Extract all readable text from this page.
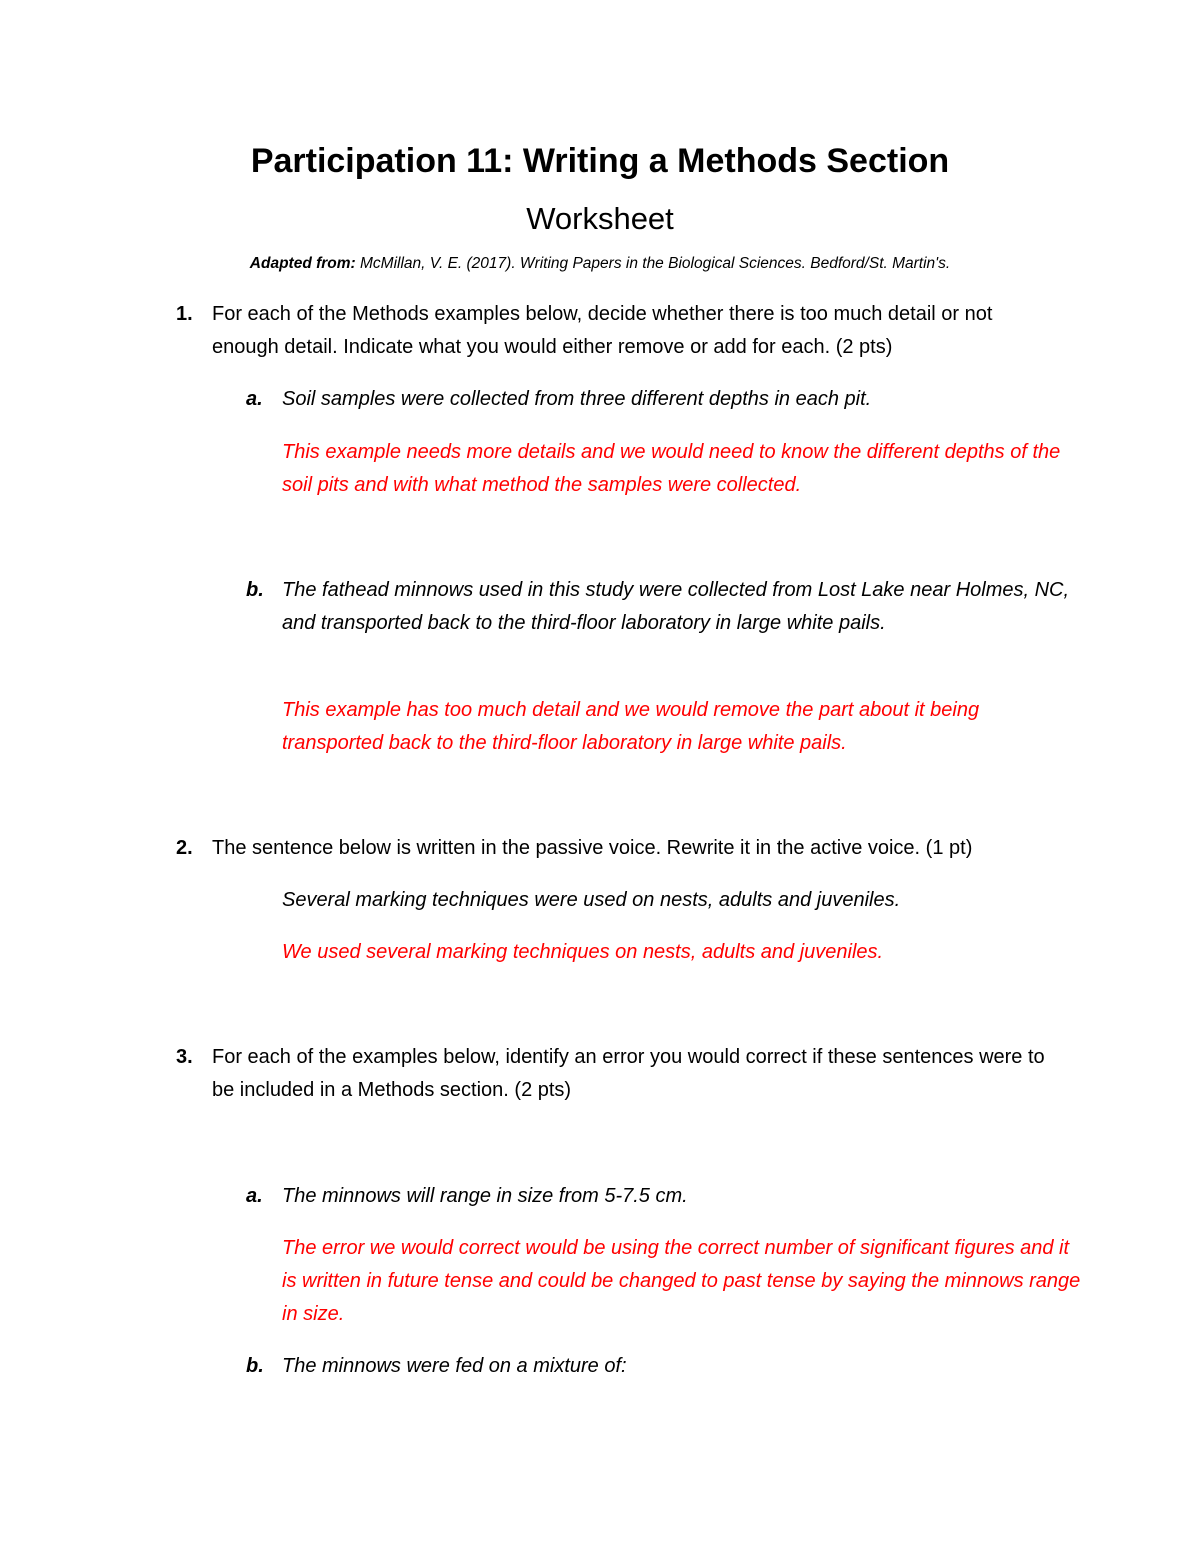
Participation 11: Writing a Methods Section
Worksheet
Adapted from: McMillan, V. E. (2017). Writing Papers in the Biological Sciences. Bedford/St. Martin's.
1. For each of the Methods examples below, decide whether there is too much detail or not enough detail. Indicate what you would either remove or add for each. (2 pts)
a. Soil samples were collected from three different depths in each pit.
This example needs more details and we would need to know the different depths of the soil pits and with what method the samples were collected.
b. The fathead minnows used in this study were collected from Lost Lake near Holmes, NC, and transported back to the third-floor laboratory in large white pails.
This example has too much detail and we would remove the part about it being transported back to the third-floor laboratory in large white pails.
2. The sentence below is written in the passive voice. Rewrite it in the active voice. (1 pt)
Several marking techniques were used on nests, adults and juveniles.
We used several marking techniques on nests, adults and juveniles.
3. For each of the examples below, identify an error you would correct if these sentences were to be included in a Methods section. (2 pts)
a. The minnows will range in size from 5-7.5 cm.
The error we would correct would be using the correct number of significant figures and it is written in future tense and could be changed to past tense by saying the minnows range in size.
b. The minnows were fed on a mixture of:
